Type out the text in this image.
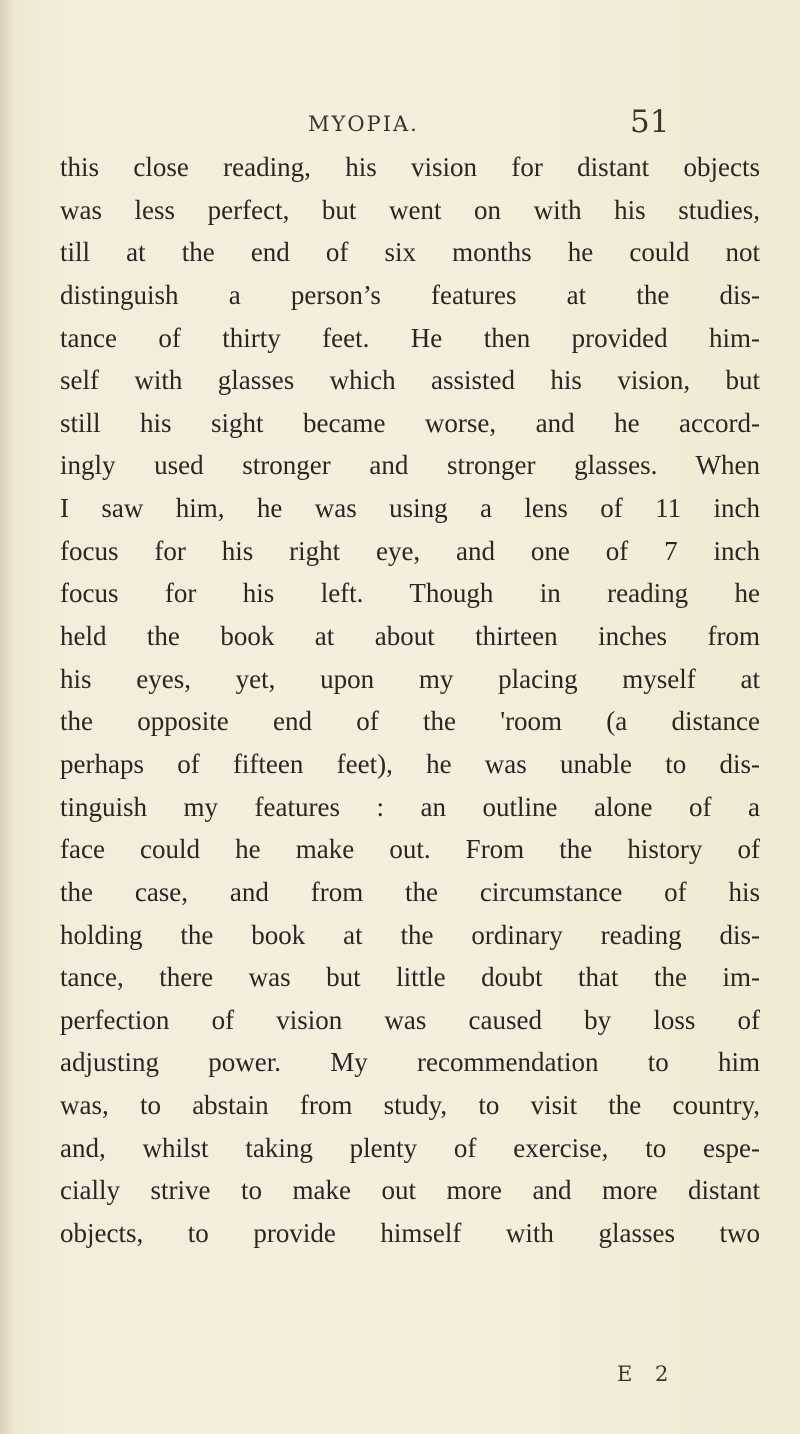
MYOPIA.	51
this close reading, his vision for distant objects
was less perfect, but went on with his studies,
till at the end of six months he could not
distinguish a person’s features at the dis-
tance of thirty feet. He then provided him-
self with glasses which assisted his vision, but
still his sight became worse, and he accord-
ingly used stronger and stronger glasses. When
I saw him, he was using a lens of 11 inch
focus for his right eye, and one of 7 inch
focus for his left. Though in reading he
held the book at about thirteen inches from
his eyes, yet, upon my placing myself at
the opposite end of the 'room (a distance
perhaps of fifteen feet), he was unable to dis-
tinguish my features : an outline alone of a
face could he make out. From the history of
the case, and from the circumstance of his
holding the book at the ordinary reading dis-
tance, there was but little doubt that the im-
perfection of vision was caused by loss of
adjusting power. My recommendation to him
was, to abstain from study, to visit the country,
and, whilst taking plenty of exercise, to espe-
cially strive to make out more and more distant
objects, to provide himself with glasses two
E 2
